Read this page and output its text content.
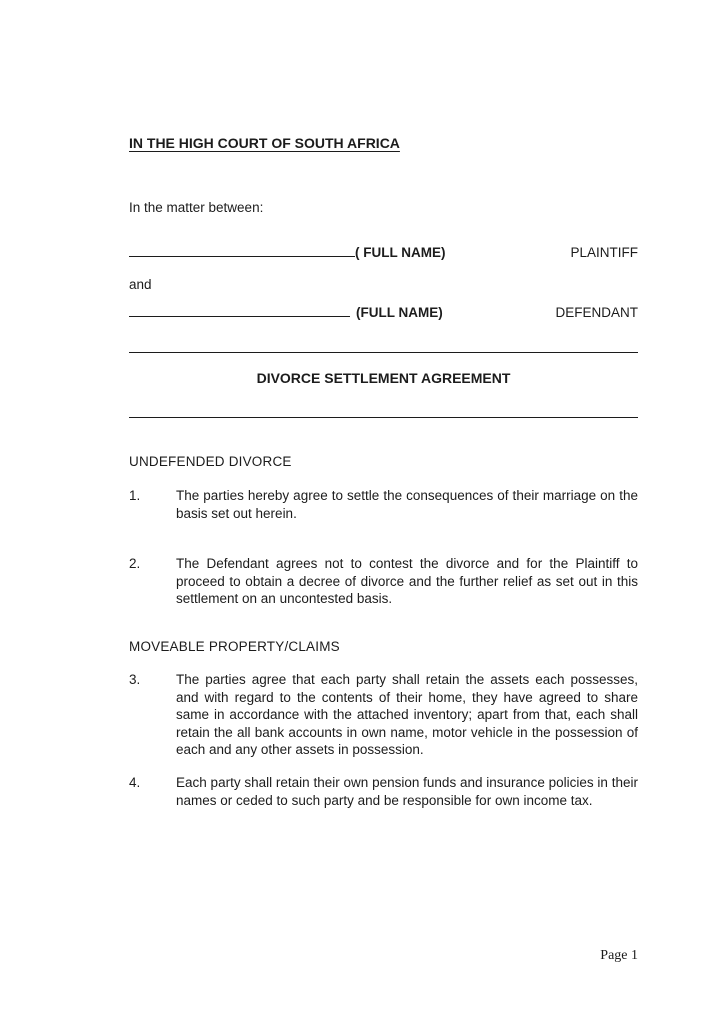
IN THE HIGH COURT OF SOUTH AFRICA
In the matter between:
( FULL NAME)	PLAINTIFF
and
(FULL NAME)	DEFENDANT
DIVORCE SETTLEMENT AGREEMENT
UNDEFENDED DIVORCE
1.	The parties hereby agree to settle the consequences of their marriage on the basis set out herein.
2.	The Defendant agrees not to contest the divorce and for the Plaintiff to proceed to obtain a decree of divorce and the further relief as set out in this settlement on an uncontested basis.
MOVEABLE PROPERTY/CLAIMS
3.	The parties agree that each party shall retain the assets each possesses, and with regard to the contents of their home, they have agreed to share same in accordance with the attached inventory; apart from that, each shall retain the all bank accounts in own name, motor vehicle in the possession of each and any other assets in possession.
4.	Each party shall retain their own pension funds and insurance policies in their names or ceded to such party and be responsible for own income tax.
Page 1
